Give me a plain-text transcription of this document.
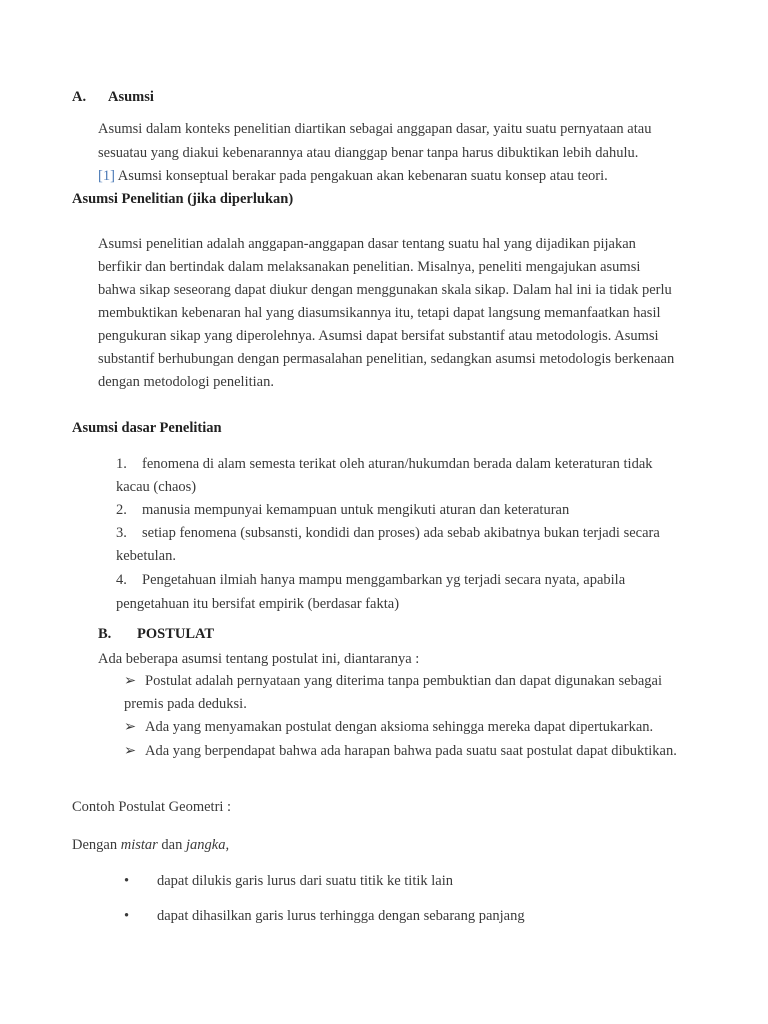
A. Asumsi
Asumsi dalam konteks penelitian diartikan sebagai anggapan dasar, yaitu suatu pernyataan atau
sesuatau yang diakui kebenarannya atau dianggap benar tanpa harus dibuktikan lebih dahulu.
[1] Asumsi konseptual berakar pada pengakuan akan kebenaran suatu konsep atau teori.
Asumsi Penelitian (jika diperlukan)
Asumsi penelitian adalah anggapan-anggapan dasar tentang suatu hal yang dijadikan pijakan
berfikir dan bertindak dalam melaksanakan penelitian. Misalnya, peneliti mengajukan asumsi
bahwa sikap seseorang dapat diukur dengan menggunakan skala sikap. Dalam hal ini ia tidak perlu
membuktikan kebenaran hal yang diasumsikannya itu, tetapi dapat langsung memanfaatkan hasil
pengukuran sikap yang diperolehnya. Asumsi dapat bersifat substantif atau metodologis. Asumsi
substantif berhubungan dengan permasalahan penelitian, sedangkan asumsi metodologis berkenaan
dengan metodologi penelitian.
Asumsi dasar Penelitian
1. fenomena di alam semesta terikat oleh aturan/hukumdan berada dalam keteraturan tidak
kacau (chaos)
2. manusia mempunyai kemampuan untuk mengikuti aturan dan keteraturan
3. setiap fenomena (subsansti, kondidi dan proses) ada sebab akibatnya bukan terjadi secara
kebetulan.
4. Pengetahuan ilmiah hanya mampu menggambarkan yg terjadi secara nyata, apabila
pengetahuan itu bersifat empirik (berdasar fakta)
B. POSTULAT
Ada beberapa asumsi tentang postulat ini, diantaranya :
➢ Postulat adalah pernyataan yang diterima tanpa pembuktian dan dapat digunakan sebagai
premis pada deduksi.
➢ Ada yang menyamakan postulat dengan aksioma sehingga mereka dapat dipertukarkan.
➢ Ada yang berpendapat bahwa ada harapan bahwa pada suatu saat postulat dapat dibuktikan.
Contoh Postulat Geometri :
Dengan mistar dan jangka,
• dapat dilukis garis lurus dari suatu titik ke titik lain
• dapat dihasilkan garis lurus terhingga dengan sebarang panjang
